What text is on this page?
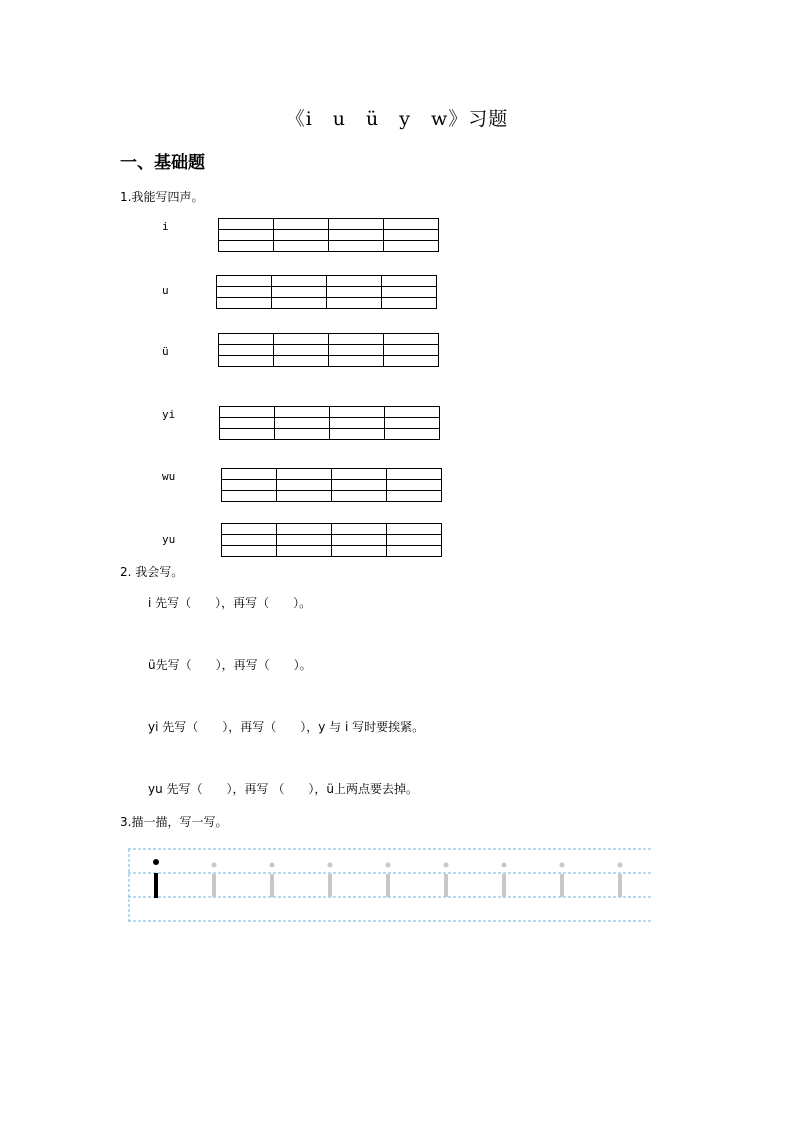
《i　u　ü　y　w》习题
一、基础题
1.我能写四声。
i

u

ü

yi

wu

yu

2. 我会写。
i 先写（　　），再写（　　）。
ü先写（　　），再写（　　）。
yi 先写（　　），再写（　　），y 与 i 写时要挨紧。
yu 先写（　　），再写 （　　），ü上两点要去掉。
3.描一描，写一写。
